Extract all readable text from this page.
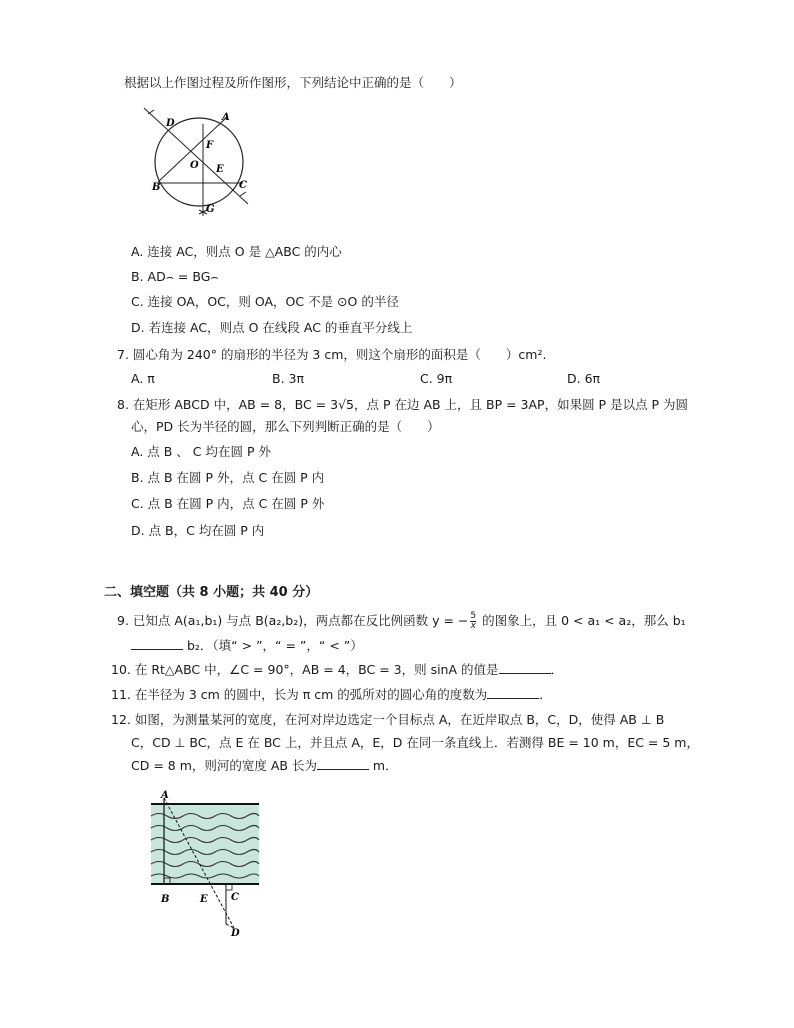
根据以上作图过程及所作图形，下列结论中正确的是（　　）
D
A
F
O E
B	C
G
A. 连接 AC，则点 O 是 △ABC 的内心
B. AD⌢ = BG⌢
C. 连接 OA，OC，则 OA，OC 不是 ⊙O 的半径
D. 若连接 AC，则点 O 在线段 AC 的垂直平分线上
7. 圆心角为 240° 的扇形的半径为 3 cm，则这个扇形的面积是（　　）cm².
A. π	B. 3π	C. 9π	D. 6π
8. 在矩形 ABCD 中，AB = 8，BC = 3√5，点 P 在边 AB 上，且 BP = 3AP，如果圆 P 是以点 P 为圆
心，PD 长为半径的圆，那么下列判断正确的是（　　）
A. 点 B 、 C 均在圆 P 外
B. 点 B 在圆 P 外，点 C 在圆 P 内
C. 点 B 在圆 P 内，点 C 在圆 P 外
D. 点 B，C 均在圆 P 内
二、填空题（共 8 小题；共 40 分）
9. 已知点 A(a₁,b₁) 与点 B(a₂,b₂)，两点都在反比例函数 y = − $\frac{5}{x}$ 的图象上，且 0 < a₁ < a₂，那么 b₁
b₂．（填“ > ”，“ = ”，“ < ”）
10. 在 Rt△ABC 中，∠C = 90°，AB = 4，BC = 3，则 sinA 的值是	．
11. 在半径为 3 cm 的圆中，长为 π cm 的弧所对的圆心角的度数为	．
12. 如图，为测量某河的宽度，在河对岸边选定一个目标点 A，在近岸取点 B，C，D，使得 AB ⊥ B
C，CD ⊥ BC，点 E 在 BC 上，并且点 A，E，D 在同一条直线上．若测得 BE = 10 m，EC = 5 m，
CD = 8 m，则河的宽度 AB 长为	m．
A
B	E C
D
